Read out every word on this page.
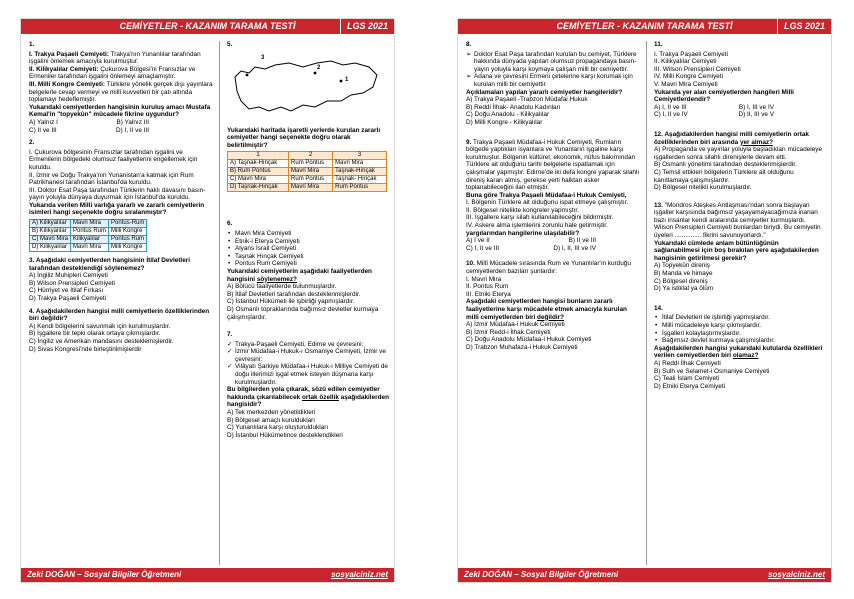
CEMİYETLER - KAZANIM TARAMA TESTİ	LGS 2021
1.
I. Trakya Paşaeli Cemiyeti: Trakya'nın Yunanlılar tarafından işgalini önlemek amacıyla kurulmuştur.
II. Kilikyalılar Cemiyeti: Çukurova Bölgesi'ni Fransızlar ve Ermeniler tarafından işgalini önlemeyi amaçlamıştır.
III. Milli Kongre Cemiyeti: Türklere yönelik gerçek dışı yayınlara belgelerle cevap vermeyi ve millî kuvvetleri bir çatı altında toplamayı hedeflemiştir.
Yukarıdaki cemiyetlerden hangisinin kuruluş amacı Mustafa Kemal'in "topyekûn" mücadele fikrine uygundur?
A) Yalnız I	B) Yalnız III
C) II ve III	D) I, II ve III
2.
I. Çukurova bölgesinin Fransızlar tarafından işgalini ve Ermenilerin bölgedeki olumsuz faaliyetlerini engellemek için kuruldu.
II. İzmir ve Doğu Trakya'nın Yunanistan'a katmak için Rum Patrikhanesi tarafından İstanbul'da kuruldu.
III. Doktor Esat Paşa tarafından Türklerin haklı davasını basın-yayın yoluyla dünyaya duyurmak için İstanbul'da kuruldu.
Yukarıda verilen Milli varlığa yararlı ve zararlı cemiyetlerin isimleri hangi seçenekte doğru sıralanmıştır?
A) Kilikyalılar	Mavri Mira	Pontus-Rum
B) Kilikyalılar	Pontus Rum	Milli Kongre
C) Mavri Mira	Kilikyalılar	Pontus Rum
D) Kilikyalılar	Mavri Mira	Milli Kongre
3. Aşağıdaki cemiyetlerden hangisinin İtilaf Devletleri tarafından desteklendiği söylenemez?
A) İngiliz Muhipleri Cemiyeti
B) Wilson Prensipleri Cemiyeti
C) Hürriyet ve İtilaf Fırkası
D) Trakya Paşaeli Cemiyeti
4. Aşağıdakilerden hangisi milli cemiyetlerin özelliklerinden biri değildir?
A) Kendi bölgelerini savunmak için kurulmuşlardır.
B) İşgallere bir tepki olarak ortaya çıkmışlardır.
C) İngiliz ve Amerikan mandasını desteklemişlerdir.
D) Sivas Kongresi'nde birleştirilmişlerdir
5.
1
2
3
Yukarıdaki haritada işaretli yerlerde kurulan zararlı cemiyetler hangi seçenekte doğru olarak belirtilmiştir?
1	2	3
A) Taşnak-Hınçak	Rum Pontus	Mavri Mira
B) Rum Pontus	Mavri Mira	Taşnak-Hınçak
C) Mavri Mira	Rum Pontus	Taşnak- Hınçak
D) Taşnak-Hınçak	Mavri Mira	Rum Pontus
6.
• Mavri Mira Cemiyeti
• Etnik-i Eterya Cemiyeti
• Alyans İsrail Cemiyeti
• Taşnak Hınçak Cemiyeti
• Pontus Rum Cemiyeti
Yukarıdaki cemiyetlerin aşağıdaki faaliyetlerden hangisini söylenemez?
A) Bölücü faaliyetlerde bulunmuşlardır.
B) İtilaf Devletleri tarafından desteklenmişlerdir.
C) İstanbul Hükümeti ile işbirliği yapmışlardır.
D) Osmanlı topraklarında bağımsız devletler kurmaya çalışmışlardır.
7.
✓ Trakya-Paşaeli Cemiyeti, Edirne ve çevresini;
✓ İzmir Müdafaa-i Hukuk-ı Osmaniye Cemiyeti, İzmir ve çevresini;
✓ Vilâyatı Şarkiye Müdafaa-i Hukuk-ı Milliye Cemiyeti de doğu illerimizi işgal etmek isteyen düşmana karşı kurulmuşlardır.
Bu bilgilerden yola çıkarak, sözü edilen cemiyetler hakkında çıkarılabilecek ortak özellik aşağıdakilerden hangisidir?
A) Tek merkezden yönetildikleri
B) Bölgesel amaçlı kuruldukları
C) Yunanlılara karşı oluşturuldukları
D) İstanbul Hükümetince desteklendikleri
Zeki DOĞAN – Sosyal Bilgiler Öğretmeni	sosyalciniz.net
CEMİYETLER - KAZANIM TARAMA TESTİ	LGS 2021
8.
➢ Doktor Esat Paşa tarafından kurulan bu cemiyet, Türklere hakkında dünyada yapılan olumsuz propagandaya basın-yayın yoluyla karşı koymaya çalışan milli bir cemiyettir.
➢ Adana ve çevresini Ermeni çetelerine karşı korumak için kurulan milli bir cemiyettir
Açıklamaları yapılan yararlı cemiyetler hangileridir?
A) Trakya Paşaeli -Trabzon Müdafai Hukuk
B) Reddi İlhak- Anadolu Kadınları
C) Doğu Anadolu - Kilikyalılar
D) Milli Kongre - Kilikyalılar
9. Trakya Paşaeli Müdafaa-i Hukuk Cemiyeti, Rumların bölgede yaptıkları isyanlara ve Yunanların işgaline karşı kurulmuştur. Bölgenin kültürel, ekonomik, nüfus bakımından Türklere ait olduğunu tarihi belgelerle ispatlamak için çalışmalar yapmıştır. Edirne'de iki defa kongre yaparak silahlı direniş kararı almış, gerekse yerli halktan asker toplanabileceğini ilan etmiştir.
Buna göre Trakya Paşaeli Müdafaa-i Hukuk Cemiyeti,
I. Bölgenin Türklere ait olduğunu ispat etmeye çalışmıştır.
II. Bölgesel nitelikte kongreler yapmıştır.
III. İşgallere karşı silah kullanılabileceğini bildirmiştir.
IV. Askere alma işlemlerini zorunlu hale getirmiştir.
yargılarından hangilerine ulaşılabilir?
A) I ve II	B) II ve III
C) I, II ve III	D) I, II, III ve IV
10. Millî Mücadele sırasında Rum ve Yunanlılar'ın kurduğu cemiyetlerden bazıları şunlardır:
I. Mavri Mira
II. Pontus Rum
III. Etniki Eterya
Aşağıdaki cemiyetlerden hangisi bunların zararlı faaliyetlerine karşı mücadele etmek amacıyla kurulan milli cemiyetlerden biri değildir?
A) İzmir Müdafaa-i Hukuk Cemiyeti
B) İzmir Redd-i İlhak Cemiyeti
C) Doğu Anadolu Müdafaa-i Hukuk Cemiyeti
D) Trabzon Muhafaza-i Hukuk Cemiyeti
11.
I. Trakya Paşaeli Cemiyeti
II. Kilikyalılar Cemiyeti
III. Wilson Prensipleri Cemiyeti
IV. Milli Kongre Cemiyeti
V. Mavri Mira Cemiyeti
Yukarıda yer alan cemiyetlerden hangileri Milli Cemiyetlerdendir?
A) I, II ve III	B) I, III ve IV
C) I, II ve IV	D) II, III ve V
12. Aşağıdakilerden hangisi milli cemiyetlerin ortak özelliklerinden biri arasında yer almaz?
A) Propaganda ve yayınlar yoluyla başladıkları mücadeleye işgallerden sonra silahlı direnişlerle devam etti.
B) Osmanlı yönetimi tarafından desteklenmişlerdir.
C) Temsil ettikleri bölgelerin Türklere ait olduğunu kanıtlamaya çalışmışlardır.
D) Bölgesel nitelikli kurulmuşlardır.
13. "Mondros Ateşkes Antlaşması'ndan sonra başlayan işgaller karşısında bağımsız yaşayamayacağımıza inanan bazı insanlar kendi aralarında cemiyetler kurmuşlardı. Wilson Prensipleri Cemiyeti bunlardan biriydi. Bu cemiyetin üyeleri ............... fikrini savunuyorlardı."
Yukarıdaki cümlede anlam bütünlüğünün sağlanabilmesi için boş bırakılan yere aşağıdakilerden hangisinin getirilmesi gerekir?
A) Topyekûn direniş
B) Manda ve himaye
C) Bölgesel direniş
D) Ya istiklal ya ölüm
14.
• İtilaf Devletleri ile işbirliği yapmışlardır.
• Milli mücadeleye karşı çıkmışlardır.
• İşgalleri kolaylaştırmışlardır.
• Bağımsız devlet kurmaya çalışmışlardır.
Aşağıdakilerden hangisi yukarıdaki kutularda özellikleri verilen cemiyetlerden biri olamaz?
A) Reddi İlhak Cemiyeti
B) Sulh ve Selamet-i Osmaniye Cemiyeti
C) Teali İslam Cemiyeti
D) Etniki Eterya Cemiyeti
Zeki DOĞAN – Sosyal Bilgiler Öğretmeni	sosyalciniz.net
